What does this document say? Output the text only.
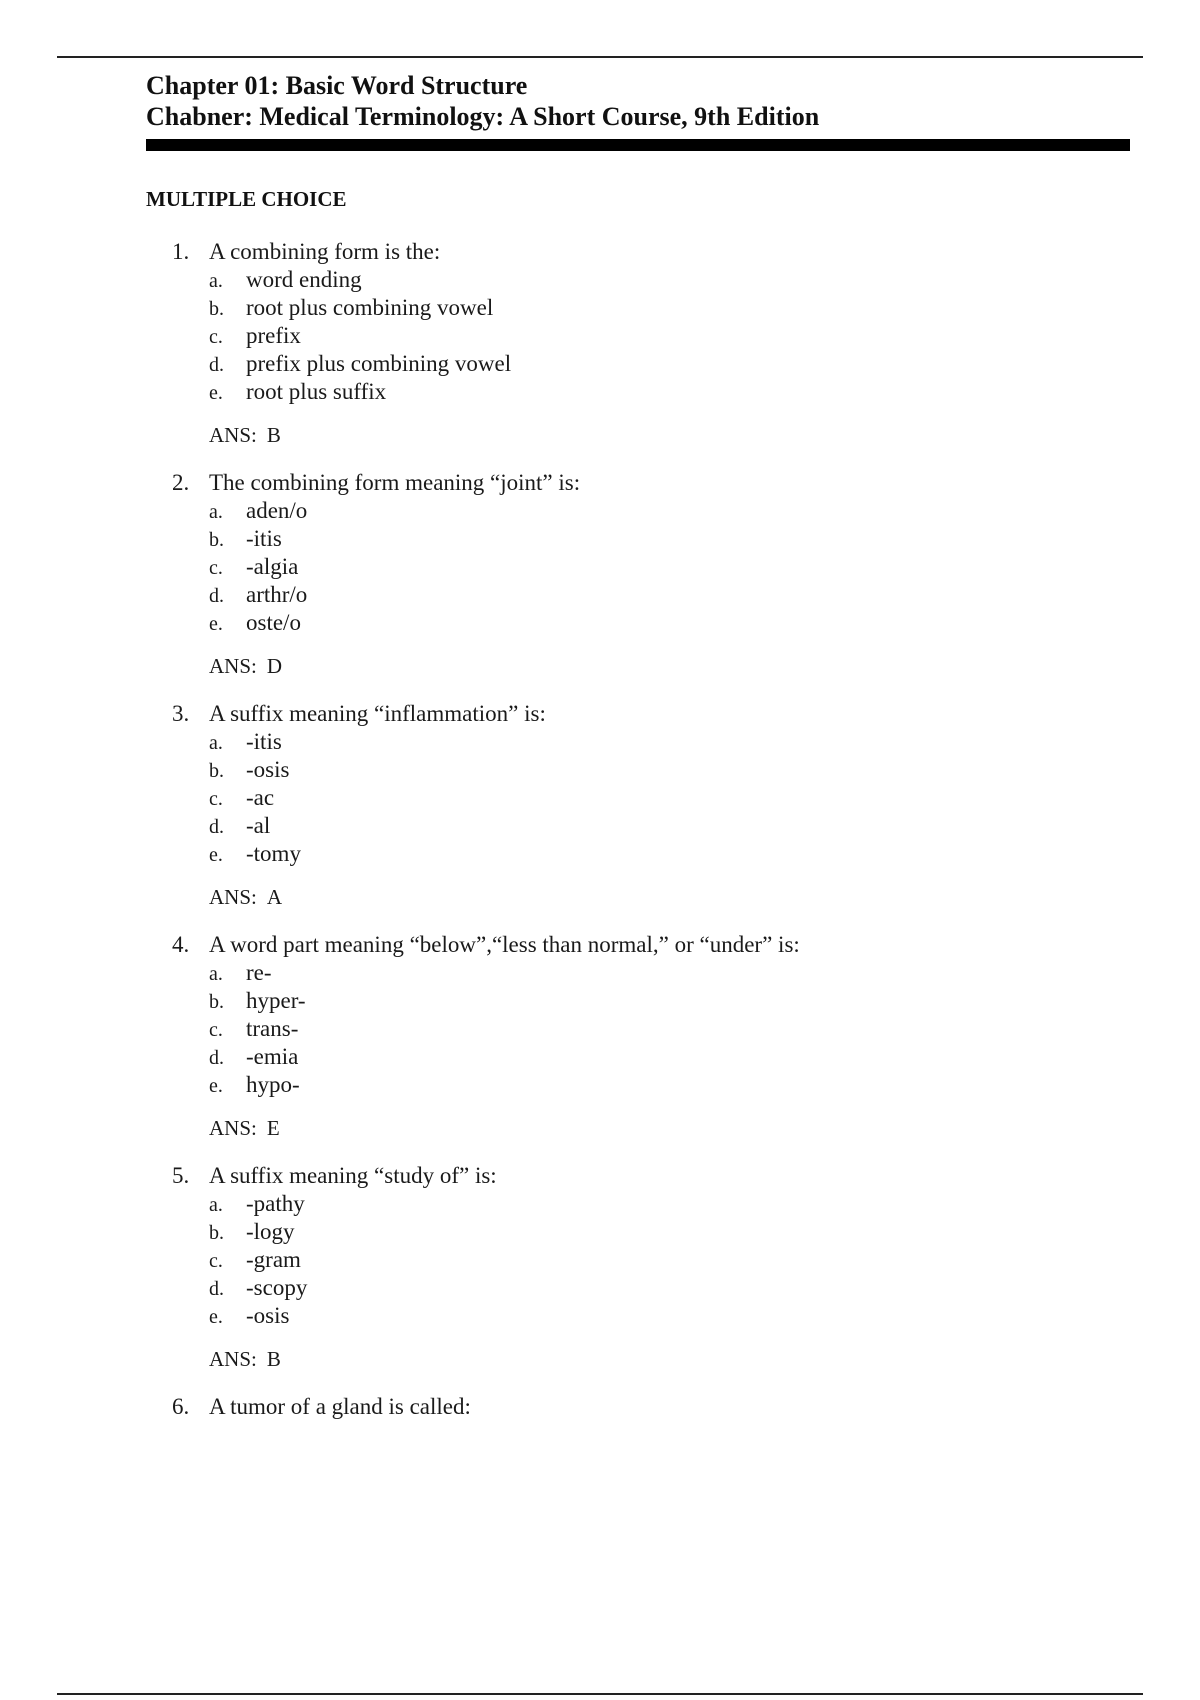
Chapter 01: Basic Word Structure
Chabner: Medical Terminology: A Short Course, 9th Edition
MULTIPLE CHOICE
1. A combining form is the:
a. word ending
b. root plus combining vowel
c. prefix
d. prefix plus combining vowel
e. root plus suffix
ANS: B
2. The combining form meaning “joint” is:
a. aden/o
b. -itis
c. -algia
d. arthr/o
e. oste/o
ANS: D
3. A suffix meaning “inflammation” is:
a. -itis
b. -osis
c. -ac
d. -al
e. -tomy
ANS: A
4. A word part meaning “below”,“less than normal,” or “under” is:
a. re-
b. hyper-
c. trans-
d. -emia
e. hypo-
ANS: E
5. A suffix meaning “study of” is:
a. -pathy
b. -logy
c. -gram
d. -scopy
e. -osis
ANS: B
6. A tumor of a gland is called:
